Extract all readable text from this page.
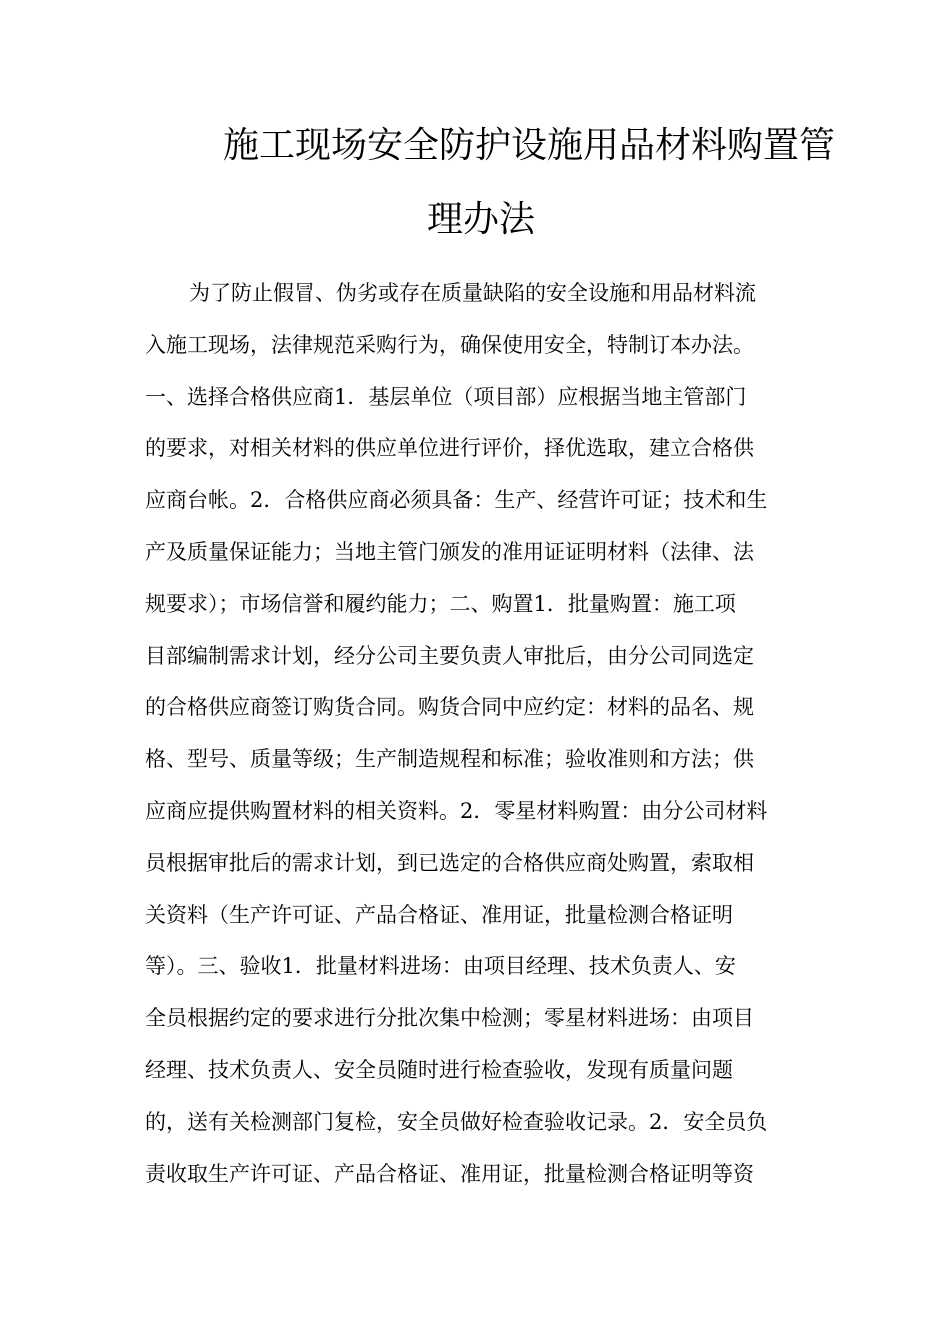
施工现场安全防护设施用品材料购置管
理办法
为了防止假冒、伪劣或存在质量缺陷的安全设施和用品材料流
入施工现场，法律规范采购行为，确保使用安全，特制订本办法。
一、选择合格供应商1．基层单位（项目部）应根据当地主管部门
的要求，对相关材料的供应单位进行评价，择优选取，建立合格供
应商台帐。2．合格供应商必须具备：生产、经营许可证；技术和生
产及质量保证能力；当地主管门颁发的准用证证明材料（法律、法
规要求）；市场信誉和履约能力；二、购置1．批量购置：施工项
目部编制需求计划，经分公司主要负责人审批后，由分公司同选定
的合格供应商签订购货合同。购货合同中应约定：材料的品名、规
格、型号、质量等级；生产制造规程和标准；验收准则和方法；供
应商应提供购置材料的相关资料。2．零星材料购置：由分公司材料
员根据审批后的需求计划，到已选定的合格供应商处购置，索取相
关资料（生产许可证、产品合格证、准用证，批量检测合格证明
等）。三、验收1．批量材料进场：由项目经理、技术负责人、安
全员根据约定的要求进行分批次集中检测；零星材料进场：由项目
经理、技术负责人、安全员随时进行检查验收，发现有质量问题
的，送有关检测部门复检，安全员做好检查验收记录。2．安全员负
责收取生产许可证、产品合格证、准用证，批量检测合格证明等资
